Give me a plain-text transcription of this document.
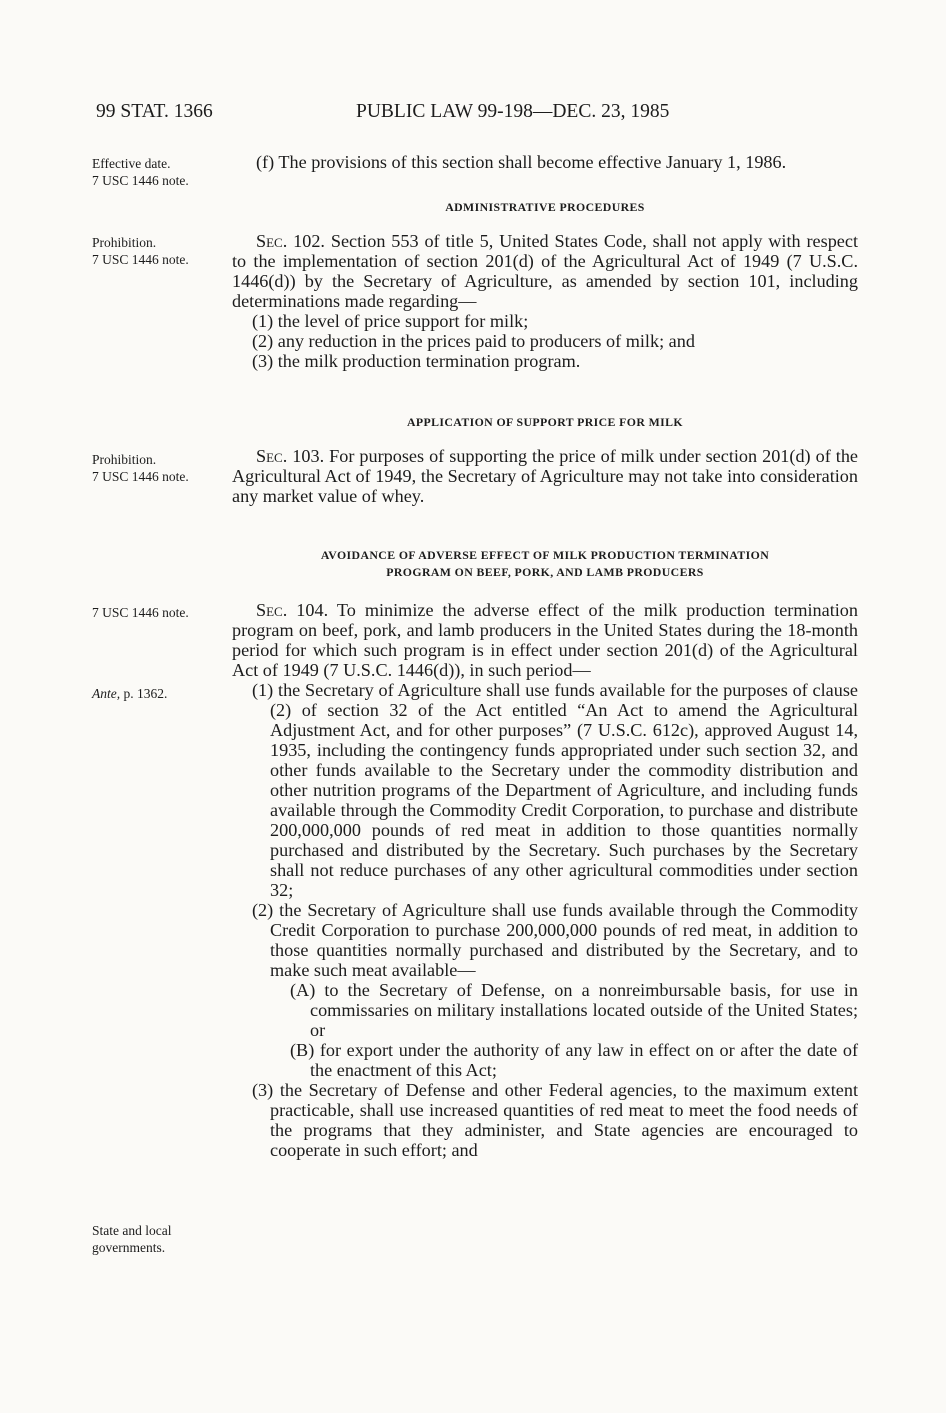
99 STAT. 1366	PUBLIC LAW 99-198—DEC. 23, 1985
Effective date.
7 USC 1446 note.
Prohibition.
7 USC 1446 note.
Prohibition.
7 USC 1446 note.
7 USC 1446 note.
Ante, p. 1362.
State and local
governments.
(f) The provisions of this section shall become effective January 1, 1986.
ADMINISTRATIVE PROCEDURES
Sec. 102. Section 553 of title 5, United States Code, shall not apply with respect to the implementation of section 201(d) of the Agricultural Act of 1949 (7 U.S.C. 1446(d)) by the Secretary of Agriculture, as amended by section 101, including determinations made regarding—
(1) the level of price support for milk;
(2) any reduction in the prices paid to producers of milk; and
(3) the milk production termination program.
APPLICATION OF SUPPORT PRICE FOR MILK
Sec. 103. For purposes of supporting the price of milk under section 201(d) of the Agricultural Act of 1949, the Secretary of Agriculture may not take into consideration any market value of whey.
AVOIDANCE OF ADVERSE EFFECT OF MILK PRODUCTION TERMINATION
PROGRAM ON BEEF, PORK, AND LAMB PRODUCERS
Sec. 104. To minimize the adverse effect of the milk production termination program on beef, pork, and lamb producers in the United States during the 18-month period for which such program is in effect under section 201(d) of the Agricultural Act of 1949 (7 U.S.C. 1446(d)), in such period—
(1) the Secretary of Agriculture shall use funds available for the purposes of clause (2) of section 32 of the Act entitled “An Act to amend the Agricultural Adjustment Act, and for other purposes” (7 U.S.C. 612c), approved August 14, 1935, including the contingency funds appropriated under such section 32, and other funds available to the Secretary under the commodity distribution and other nutrition programs of the Department of Agriculture, and including funds available through the Commodity Credit Corporation, to purchase and distribute 200,000,000 pounds of red meat in addition to those quantities normally purchased and distributed by the Secretary. Such purchases by the Secretary shall not reduce purchases of any other agricultural commodities under section 32;
(2) the Secretary of Agriculture shall use funds available through the Commodity Credit Corporation to purchase 200,000,000 pounds of red meat, in addition to those quantities normally purchased and distributed by the Secretary, and to make such meat available—
(A) to the Secretary of Defense, on a nonreimbursable basis, for use in commissaries on military installations located outside of the United States; or
(B) for export under the authority of any law in effect on or after the date of the enactment of this Act;
(3) the Secretary of Defense and other Federal agencies, to the maximum extent practicable, shall use increased quantities of red meat to meet the food needs of the programs that they administer, and State agencies are encouraged to cooperate in such effort; and
